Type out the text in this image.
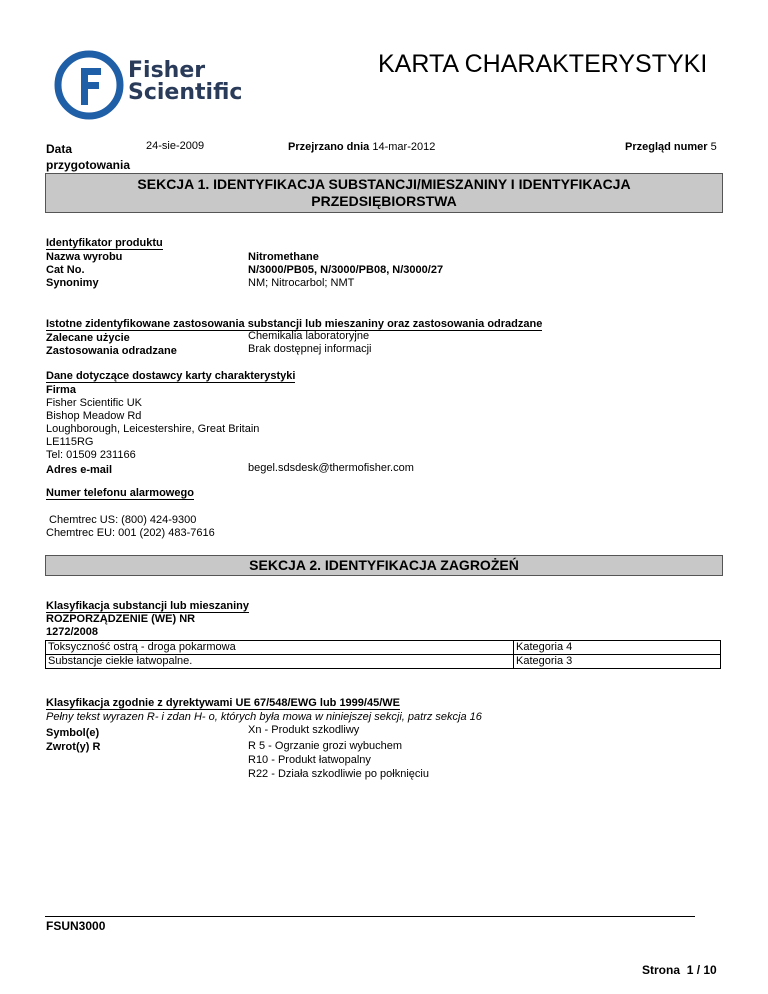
Fisher
Scientific
KARTA CHARAKTERYSTYKI
Data
przygotowania
24-sie-2009	Przejrzano dnia 14-mar-2012	Przegląd numer 5
SEKCJA 1. IDENTYFIKACJA SUBSTANCJI/MIESZANINY I IDENTYFIKACJA
PRZEDSIĘBIORSTWA
Identyfikator produktu
Nazwa wyrobu	Nitromethane
Cat No.	N/3000/PB05, N/3000/PB08, N/3000/27
Synonimy	NM; Nitrocarbol; NMT
Istotne zidentyfikowane zastosowania substancji lub mieszaniny oraz zastosowania odradzane
Zalecane użycie	Chemikalia laboratoryjne
Zastosowania odradzane	Brak dostępnej informacji
Dane dotyczące dostawcy karty charakterystyki
Firma
Fisher Scientific UK
Bishop Meadow Rd
Loughborough, Leicestershire, Great Britain
LE115RG
Tel: 01509 231166
Adres e-mail	begel.sdsdesk@thermofisher.com
Numer telefonu alarmowego
Chemtrec US: (800) 424-9300
Chemtrec EU: 001 (202) 483-7616
SEKCJA 2. IDENTYFIKACJA ZAGROŻEŃ
Klasyfikacja substancji lub mieszaniny
ROZPORZĄDZENIE (WE) NR
1272/2008
Toksyczność ostrą - droga pokarmowa	Kategoria 4
Substancje ciekłe łatwopalne.	Kategoria 3
Klasyfikacja zgodnie z dyrektywami UE 67/548/EWG lub 1999/45/WE
Pełny tekst wyrazen R- i zdan H- o, których była mowa w niniejszej sekcji, patrz sekcja 16
Symbol(e)	Xn - Produkt szkodliwy
Zwrot(y) R	R 5 - Ogrzanie grozi wybuchem
R10 - Produkt łatwopalny
R22 - Działa szkodliwie po połknięciu
FSUN3000
Strona 1 / 10
